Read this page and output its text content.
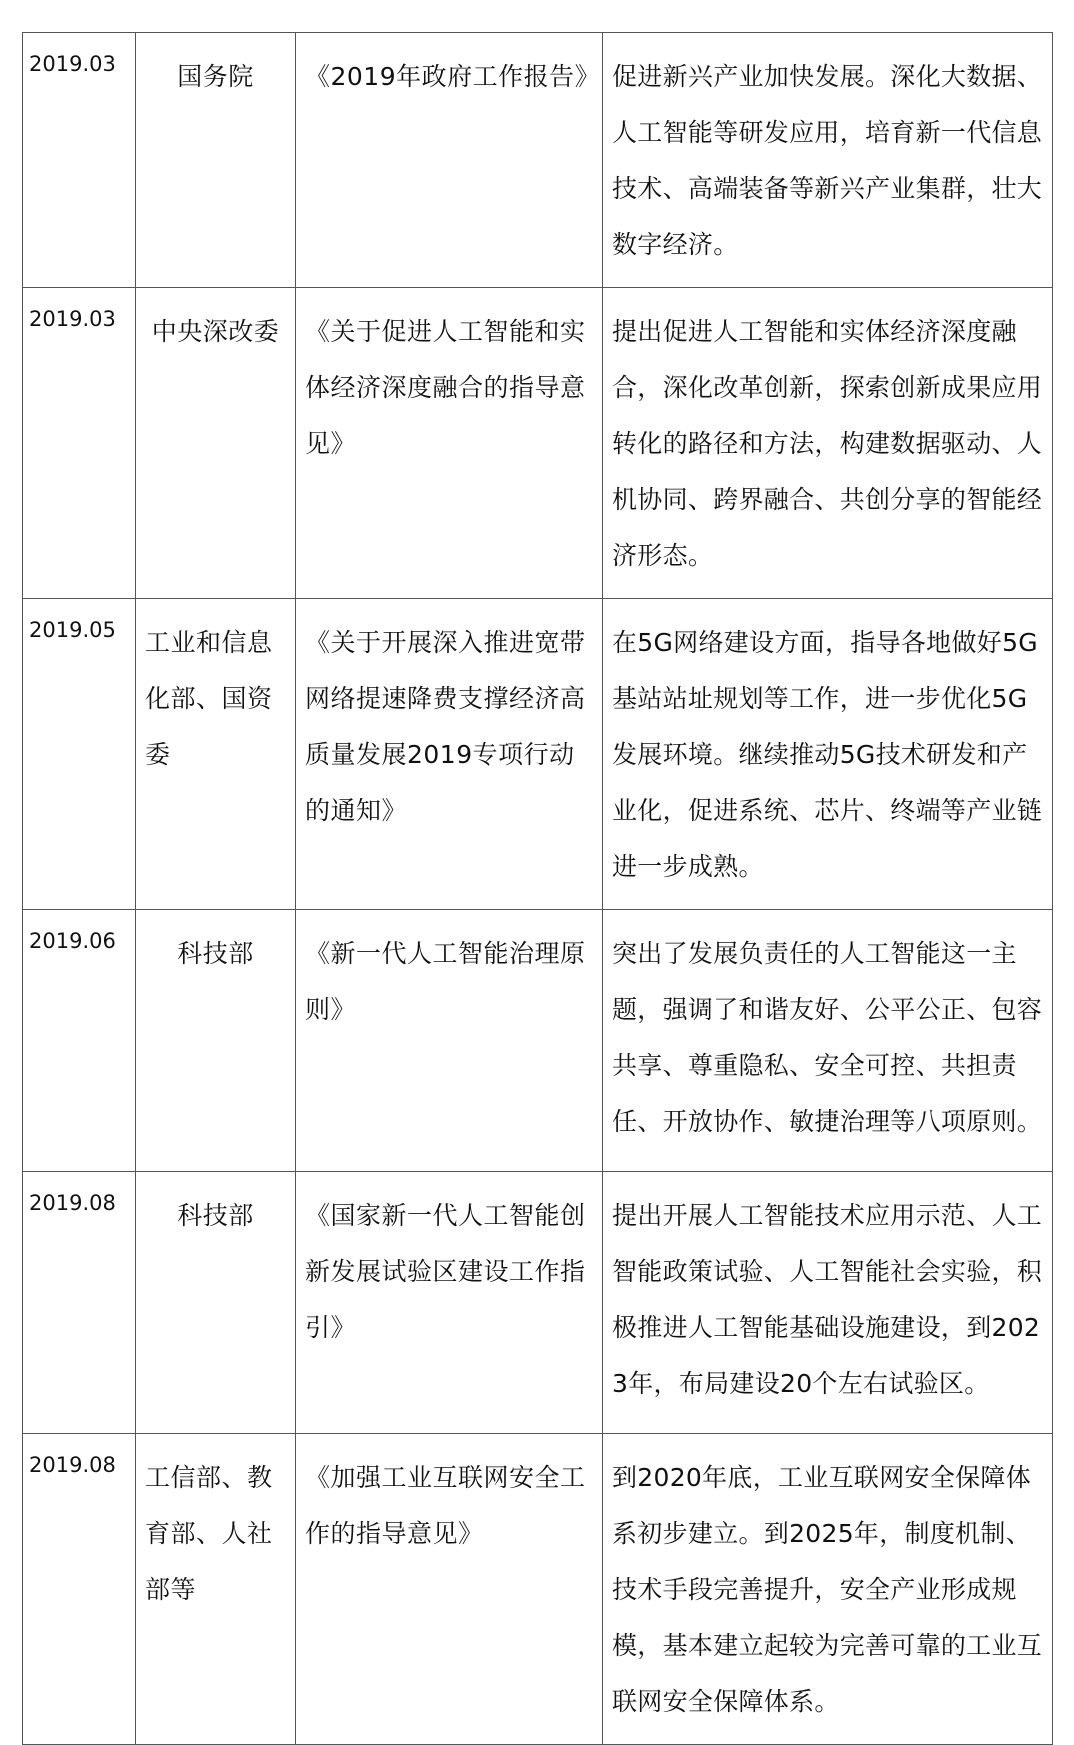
2019.03	国务院	《2019年政府工作报告》	促进新兴产业加快发展。深化大数据、人工智能等研发应用，培育新一代信息技术、高端装备等新兴产业集群，壮大数字经济。
2019.03	中央深改委	《关于促进人工智能和实体经济深度融合的指导意见》	提出促进人工智能和实体经济深度融合，深化改革创新，探索创新成果应用转化的路径和方法，构建数据驱动、人机协同、跨界融合、共创分享的智能经济形态。
2019.05	工业和信息化部、国资委	《关于开展深入推进宽带网络提速降费支撑经济高质量发展2019专项行动的通知》	在5G网络建设方面，指导各地做好5G基站站址规划等工作，进一步优化5G发展环境。继续推动5G技术研发和产业化，促进系统、芯片、终端等产业链进一步成熟。
2019.06	科技部	《新一代人工智能治理原则》	突出了发展负责任的人工智能这一主题，强调了和谐友好、公平公正、包容共享、尊重隐私、安全可控、共担责任、开放协作、敏捷治理等八项原则。
2019.08	科技部	《国家新一代人工智能创新发展试验区建设工作指引》	提出开展人工智能技术应用示范、人工智能政策试验、人工智能社会实验，积极推进人工智能基础设施建设，到2023年，布局建设20个左右试验区。
2019.08	工信部、教育部、人社部等	《加强工业互联网安全工作的指导意见》	到2020年底，工业互联网安全保障体系初步建立。到2025年，制度机制、技术手段完善提升，安全产业形成规模，基本建立起较为完善可靠的工业互联网安全保障体系。
